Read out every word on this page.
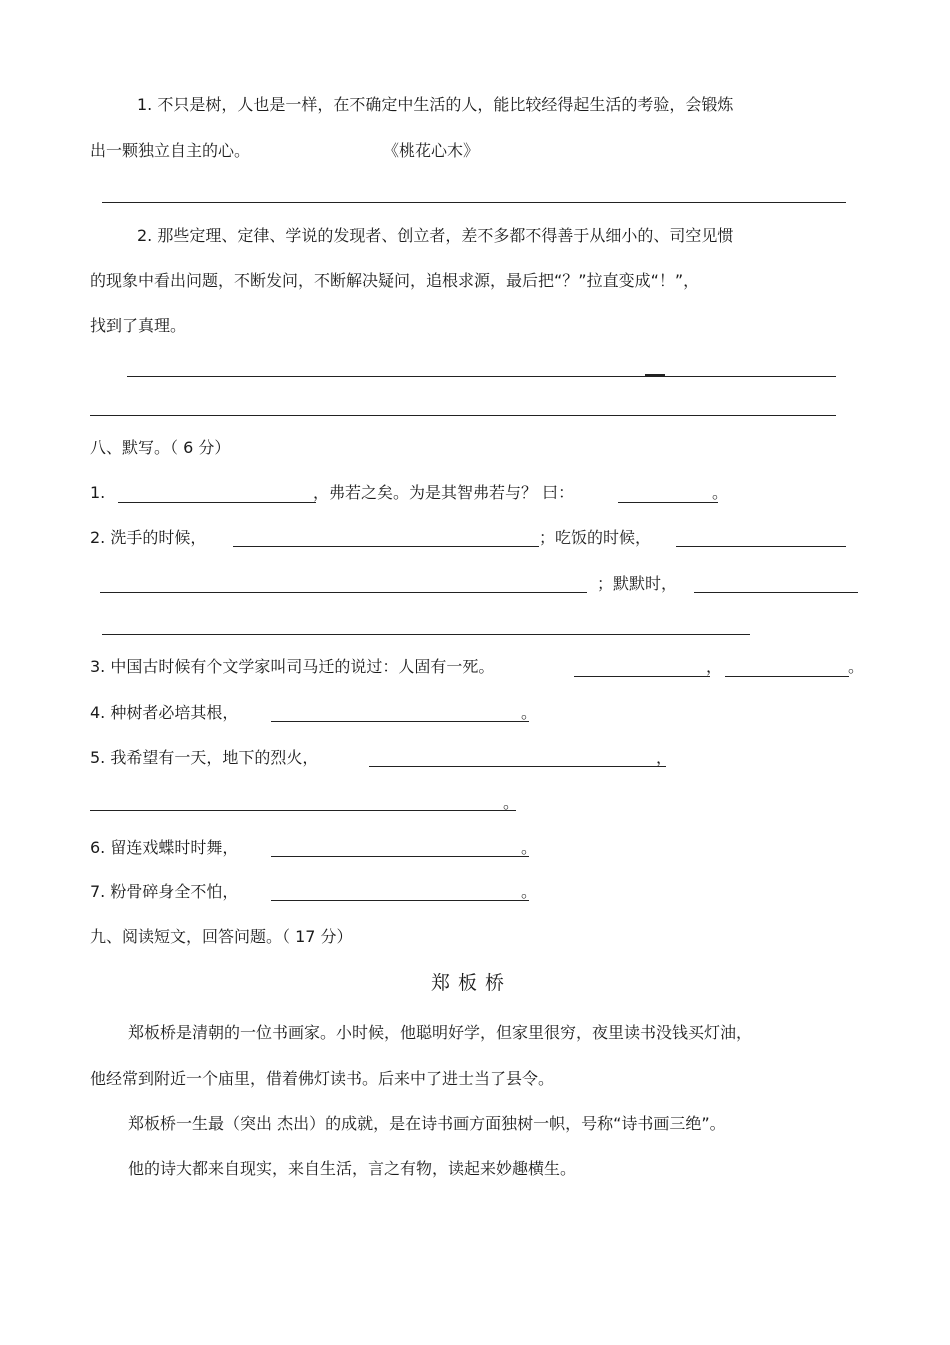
1. 不只是树，人也是一样，在不确定中生活的人，能比较经得起生活的考验，会锻炼
出一颗独立自主的心。	《桃花心木》
2. 那些定理、定律、学说的发现者、创立者，差不多都不得善于从细小的、司空见惯
的现象中看出问题，不断发问，不断解决疑问，追根求源，最后把“？”拉直变成“！”，
找到了真理。
八、默写。（ 6 分）
1.	，弗若之矣。为是其智弗若与？ 曰：	。
2. 洗手的时候，	；吃饭的时候，
；默默时，
3. 中国古时候有个文学家叫司马迁的说过：人固有一死。	，	。
4. 种树者必培其根，	。
5. 我希望有一天，地下的烈火，	，
。
6. 留连戏蝶时时舞，	。
7. 粉骨碎身全不怕，	。
九、阅读短文，回答问题。（ 17 分）
郑板桥
郑板桥是清朝的一位书画家。小时候，他聪明好学，但家里很穷，夜里读书没钱买灯油，
他经常到附近一个庙里，借着佛灯读书。后来中了进士当了县令。
郑板桥一生最（突出 杰出）的成就，是在诗书画方面独树一帜，号称“诗书画三绝”。
他的诗大都来自现实，来自生活，言之有物，读起来妙趣横生。
